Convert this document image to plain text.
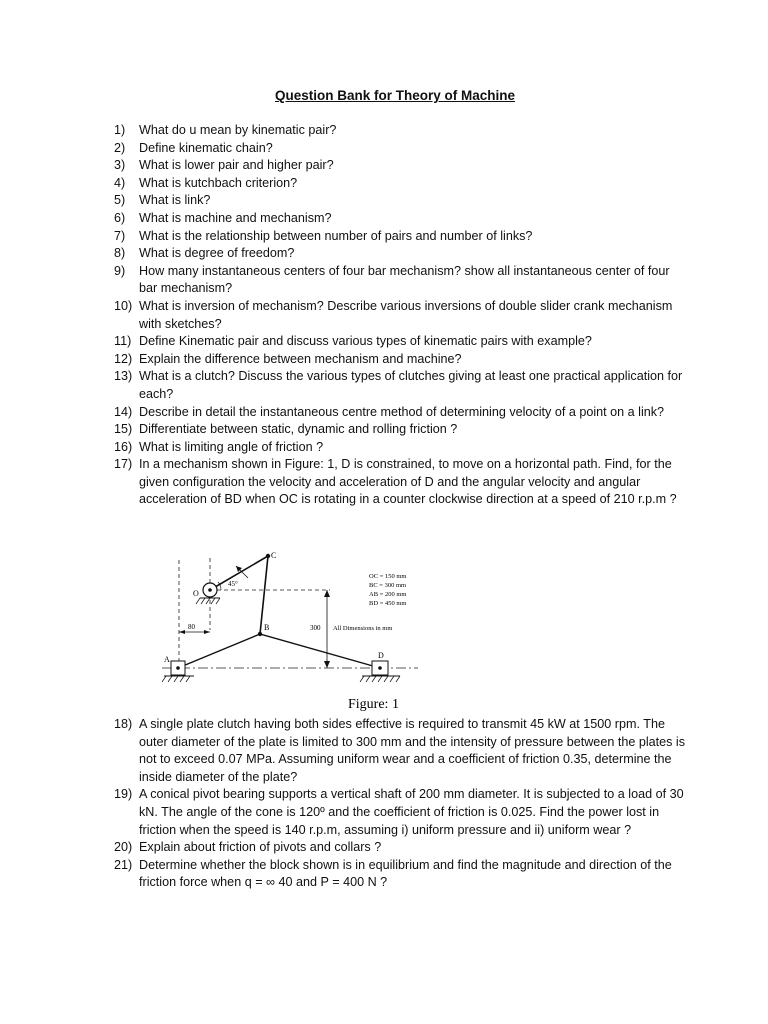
Question Bank for Theory of Machine
1)	What do u mean by kinematic pair?
2)	Define kinematic chain?
3)	What is lower pair and higher pair?
4)	What is kutchbach criterion?
5)	What is link?
6)	What is machine and mechanism?
7)	What is the relationship between number of pairs and number of links?
8)	What is degree of freedom?
9)	How many instantaneous centers of four bar mechanism? show all instantaneous center of four bar mechanism?
10) What is inversion of mechanism? Describe various inversions of double slider crank mechanism with sketches?
11) Define Kinematic pair and discuss various types of kinematic pairs with example?
12) Explain the difference between mechanism and machine?
13) What is a clutch? Discuss the various types of clutches giving at least one practical application for each?
14) Describe in detail the instantaneous centre method of determining velocity of a point on a link?
15) Differentiate between static, dynamic and rolling friction ?
16) What is limiting angle of friction ?
17) In a mechanism shown in Figure: 1, D is constrained, to move on a horizontal path. Find, for the given configuration the velocity and acceleration of D and the angular velocity and angular acceleration of BD when OC is rotating in a counter clockwise direction at a speed of 210 r.p.m ?
C
O
A
B
D
45°
80	300 All Dimensions in mm
OC = 150 mm
BC = 300 mm
AB = 200 mm
BD = 450 mm
Figure: 1
18) A single plate clutch having both sides effective is required to transmit 45 kW at 1500 rpm. The outer diameter of the plate is limited to 300 mm and the intensity of pressure between the plates is not to exceed 0.07 MPa. Assuming uniform wear and a coefficient of friction 0.35, determine the inside diameter of the plate?
19) A conical pivot bearing supports a vertical shaft of 200 mm diameter. It is subjected to a load of 30 kN. The angle of the cone is 120º and the coefficient of friction is 0.025. Find the power lost in friction when the speed is 140 r.p.m, assuming i) uniform pressure and ii) uniform wear ?
20) Explain about friction of pivots and collars ?
21) Determine whether the block shown is in equilibrium and find the magnitude and direction of the friction force when q = ∞ 40 and P = 400 N ?
